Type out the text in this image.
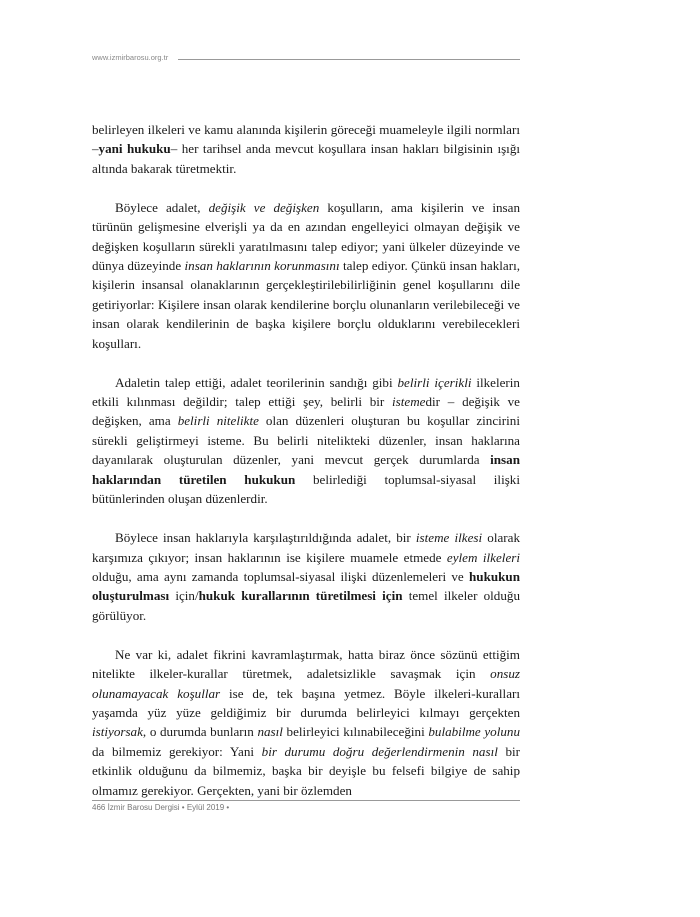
www.izmirbarosu.org.tr

belirleyen ilkeleri ve kamu alanında kişilerin göreceği muameleyle ilgili normları –yani hukuku– her tarihsel anda mevcut koşullara insan hakları bilgisinin ışığı altında bakarak türetmektir.

Böylece adalet, değişik ve değişken koşulların, ama kişilerin ve insan türünün gelişmesine elverişli ya da en azından engelleyici olmayan değişik ve değişken koşulların sürekli yaratılmasını talep ediyor; yani ülkeler düzeyinde ve dünya düzeyinde insan haklarının korunmasını talep ediyor. Çünkü insan hakları, kişilerin insansal olanaklarının gerçekleştirilebilirliğinin genel koşullarını dile getiriyorlar: Kişilere insan olarak kendilerine borçlu olunanların verilebileceği ve insan olarak kendilerinin de başka kişilere borçlu olduklarını verebilecekleri koşulları.

Adaletin talep ettiği, adalet teorilerinin sandığı gibi belirli içerikli ilkelerin etkili kılınması değildir; talep ettiği şey, belirli bir istemedir – değişik ve değişken, ama belirli nitelikte olan düzenleri oluşturan bu koşullar zincirini sürekli geliştirmeyi isteme. Bu belirli nitelikteki düzenler, insan haklarına dayanılarak oluşturulan düzenler, yani mevcut gerçek durumlarda insan haklarından türetilen hukukun belirlediği toplumsal-siyasal ilişki bütünlerinden oluşan düzenlerdir.

Böylece insan haklarıyla karşılaştırıldığında adalet, bir isteme ilkesi olarak karşımıza çıkıyor; insan haklarının ise kişilere muamele etmede eylem ilkeleri olduğu, ama aynı zamanda toplumsal-siyasal ilişki düzenlemeleri ve hukukun oluşturulması için/hukuk kurallarının türetilmesi için temel ilkeler olduğu görülüyor.

Ne var ki, adalet fikrini kavramlaştırmak, hatta biraz önce sözünü ettiğim nitelikte ilkeler-kurallar türetmek, adaletsizlikle savaşmak için onsuz olunamayacak koşullar ise de, tek başına yetmez. Böyle ilkeleri-kuralları yaşamda yüz yüze geldiğimiz bir durumda belirleyici kılmayı gerçekten istiyorsak, o durumda bunların nasıl belirleyici kılınabileceğini bulabilme yolunu da bilmemiz gerekiyor: Yani bir durumu doğru değerlendirmenin nasıl bir etkinlik olduğunu da bilmemiz, başka bir deyişle bu felsefi bilgiye de sahip olmamız gerekiyor. Gerçekten, yani bir özlemden

466 İzmir Barosu Dergisi • Eylül 2019 •
